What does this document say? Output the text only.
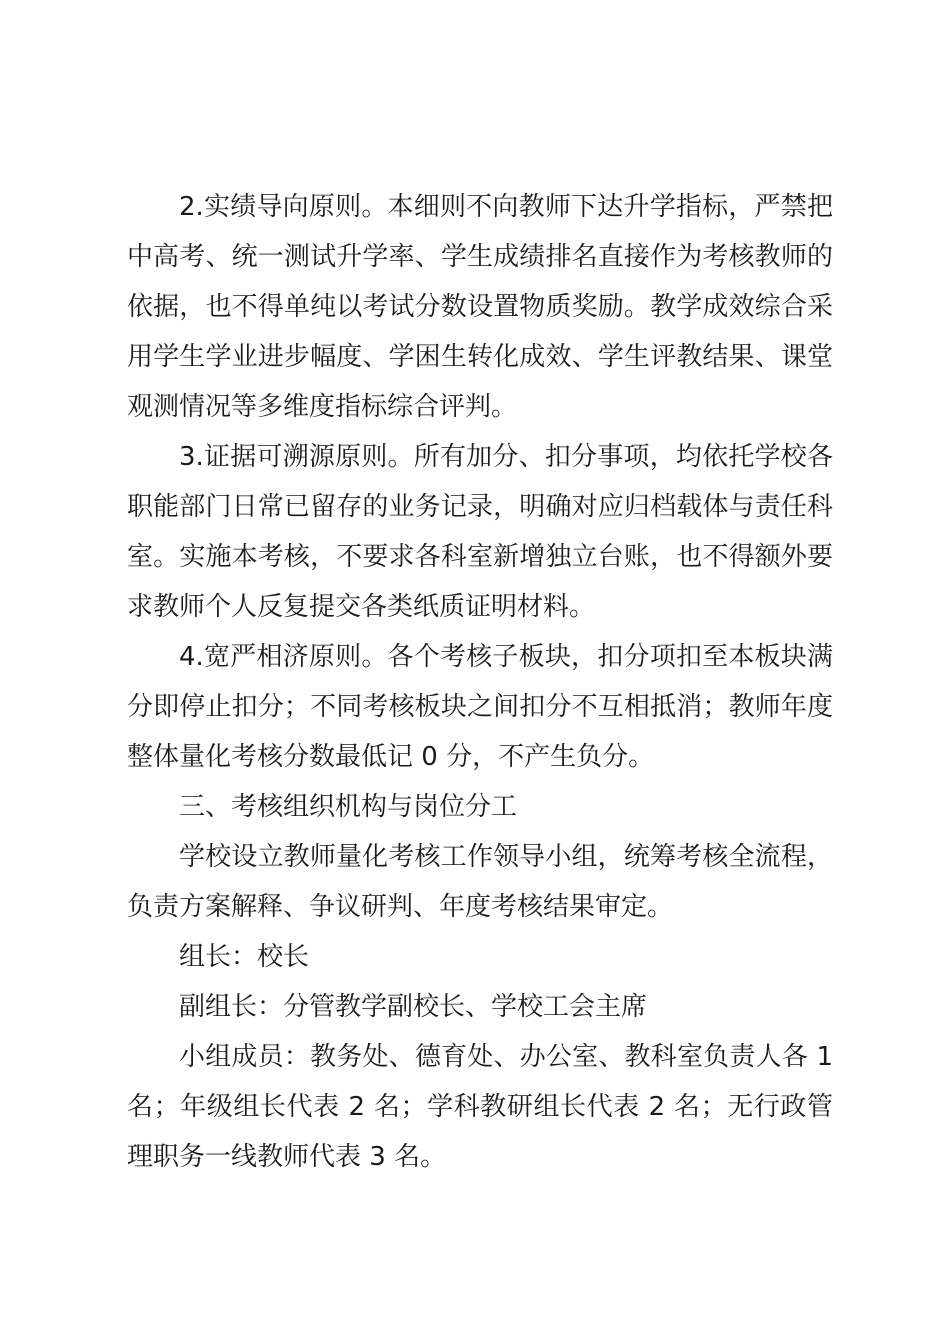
2.实绩导向原则。本细则不向教师下达升学指标，严禁把中高考、统一测试升学率、学生成绩排名直接作为考核教师的依据，也不得单纯以考试分数设置物质奖励。教学成效综合采用学生学业进步幅度、学困生转化成效、学生评教结果、课堂观测情况等多维度指标综合评判。

3.证据可溯源原则。所有加分、扣分事项，均依托学校各职能部门日常已留存的业务记录，明确对应归档载体与责任科室。实施本考核，不要求各科室新增独立台账，也不得额外要求教师个人反复提交各类纸质证明材料。

4.宽严相济原则。各个考核子板块，扣分项扣至本板块满分即停止扣分；不同考核板块之间扣分不互相抵消；教师年度整体量化考核分数最低记 0 分，不产生负分。

三、考核组织机构与岗位分工

学校设立教师量化考核工作领导小组，统筹考核全流程，负责方案解释、争议研判、年度考核结果审定。

组长：校长

副组长：分管教学副校长、学校工会主席

小组成员：教务处、德育处、办公室、教科室负责人各 1 名；年级组长代表 2 名；学科教研组长代表 2 名；无行政管理职务一线教师代表 3 名。
